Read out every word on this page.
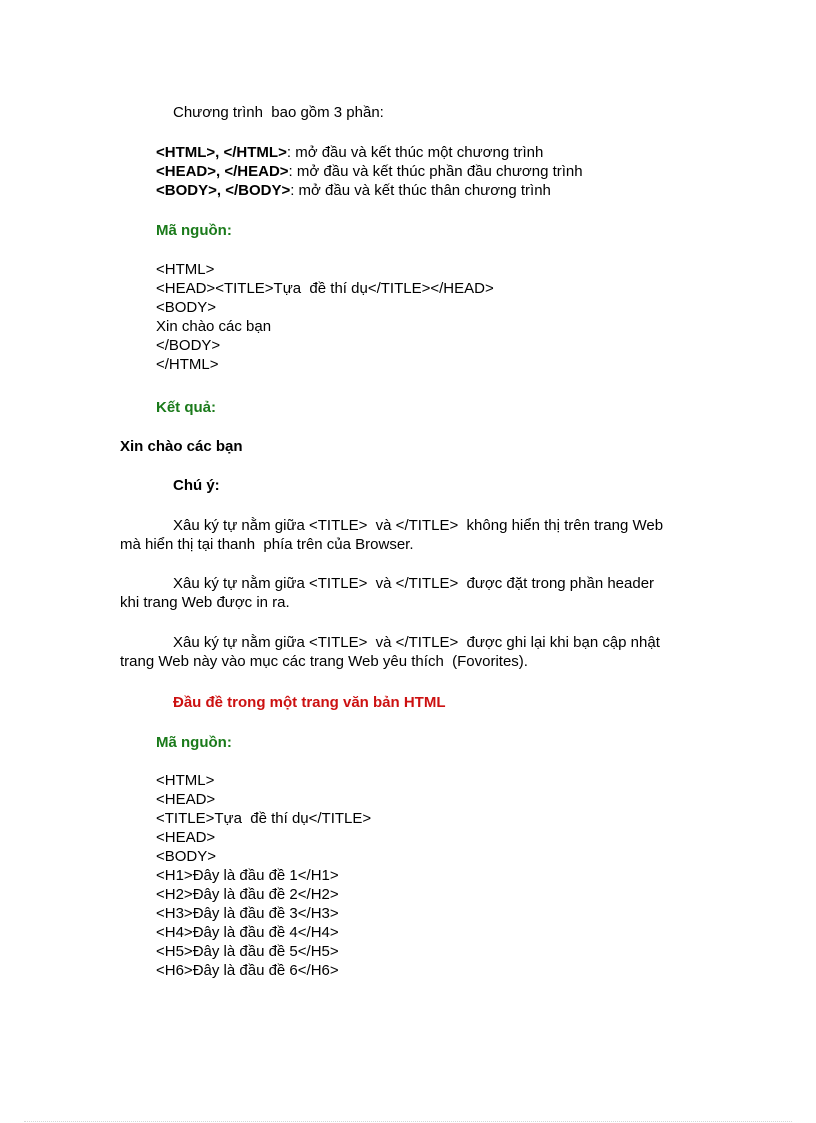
Chương trình  bao gồm 3 phần:

<HTML>, </HTML>: mở đầu và kết thúc một chương trình
<HEAD>, </HEAD>: mở đầu và kết thúc phần đầu chương trình
<BODY>, </BODY>: mở đầu và kết thúc thân chương trình

Mã nguồn:

<HTML>
<HEAD><TITLE>Tựa  đề thí dụ</TITLE></HEAD>
<BODY>
Xin chào các bạn
</BODY>
</HTML>

Kết quả:

Xin chào các bạn

Chú ý:

Xâu ký tự nằm giữa <TITLE>  và </TITLE>  không hiển thị trên trang Web
mà hiển thị tại thanh  phía trên của Browser.
Xâu ký tự nằm giữa <TITLE>  và </TITLE>  được đặt trong phần header
khi trang Web được in ra.
Xâu ký tự nằm giữa <TITLE>  và </TITLE>  được ghi lại khi bạn cập nhật
trang Web này vào mục các trang Web yêu thích  (Fovorites).

Đầu đề trong một trang văn bản HTML

Mã nguồn:

<HTML>
<HEAD>
<TITLE>Tựa  đề thí dụ</TITLE>
<HEAD>
<BODY>
<H1>Đây là đầu đề 1</H1>
<H2>Đây là đầu đề 2</H2>
<H3>Đây là đầu đề 3</H3>
<H4>Đây là đầu đề 4</H4>
<H5>Đây là đầu đề 5</H5>
<H6>Đây là đầu đề 6</H6>
